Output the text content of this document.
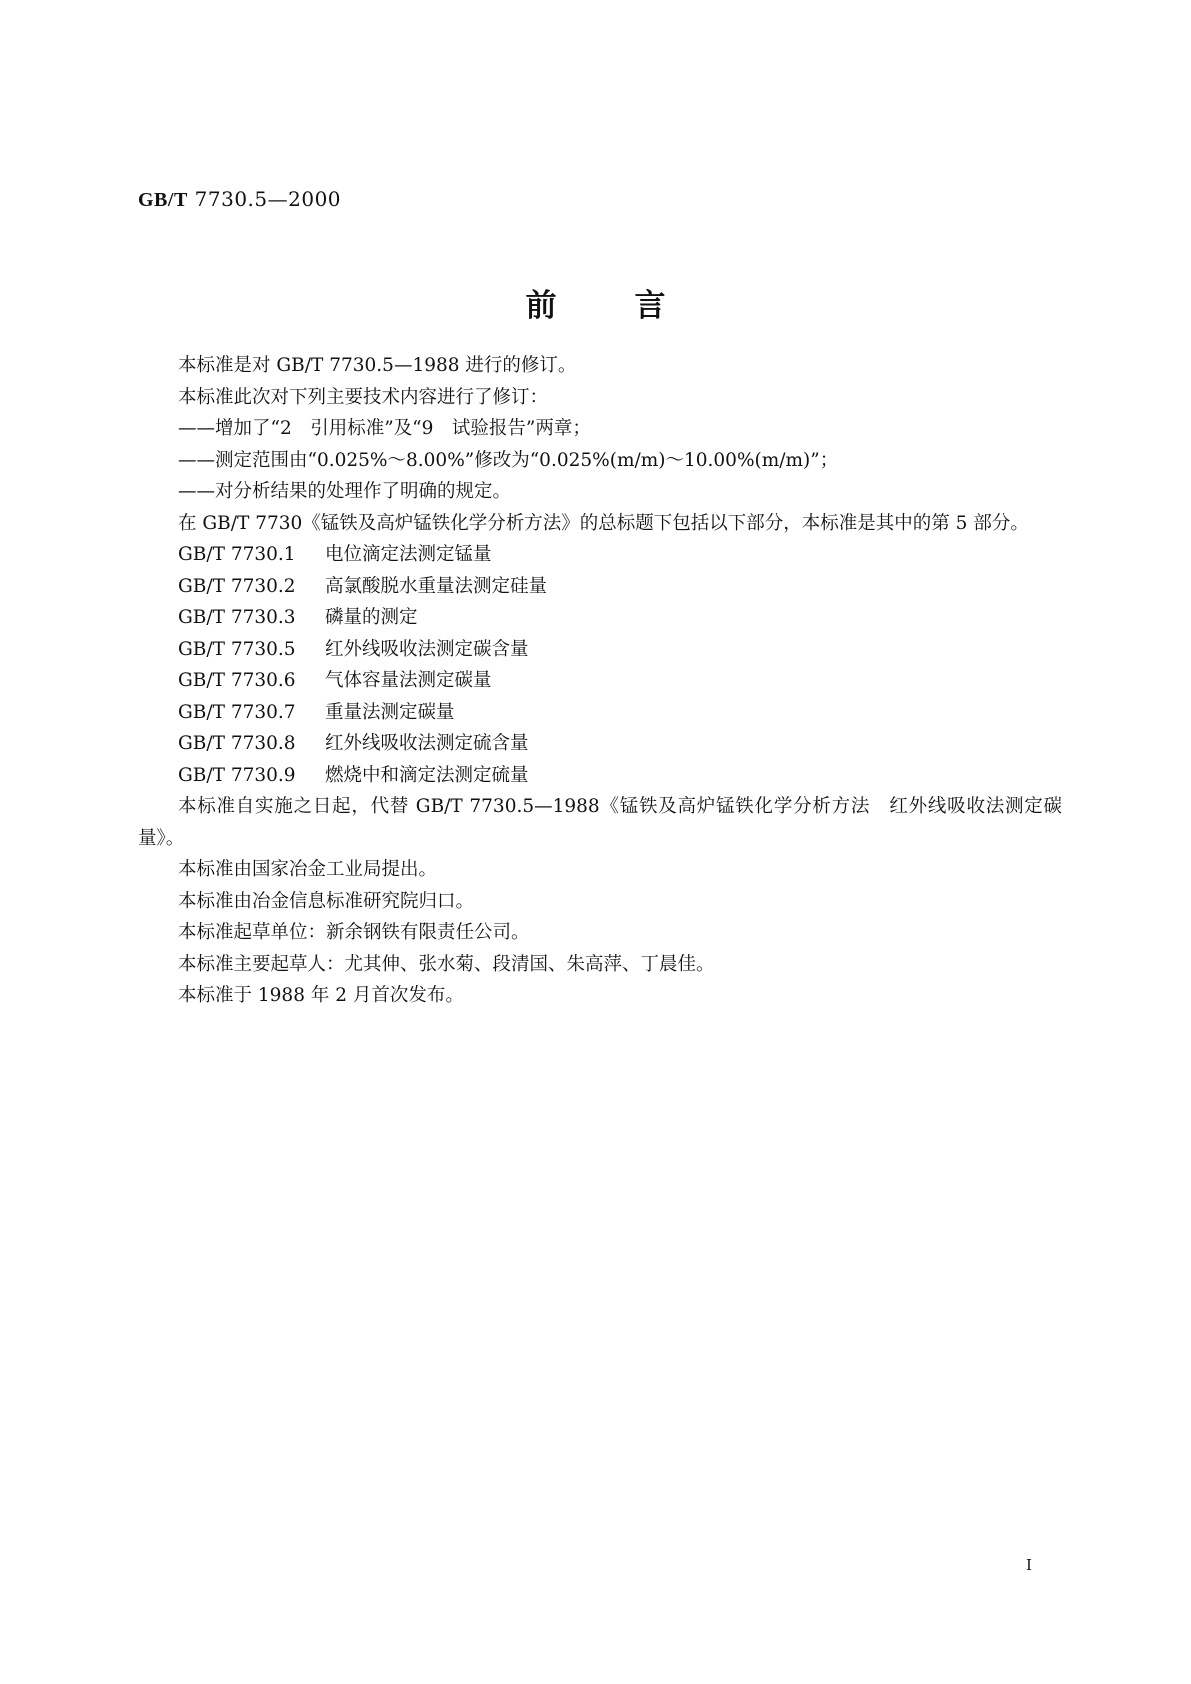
GB/T 7730.5—2000
前言

本标准是对 GB/T 7730.5—1988 进行的修订。

本标准此次对下列主要技术内容进行了修订：

—— 增加了“2　引用标准”及“9　试验报告”两章；

—— 测定范围由“0.025%～8.00%”修改为“0.025%(m/m)～10.00%(m/m)”；

—— 对分析结果的处理作了明确的规定。

在 GB/T 7730《锰铁及高炉锰铁化学分析方法》的总标题下包括以下部分，本标准是其中的第 5 部分。

GB/T 7730.1	电位滴定法测定锰量
GB/T 7730.2	高氯酸脱水重量法测定硅量
GB/T 7730.3	磷量的测定
GB/T 7730.5	红外线吸收法测定碳含量
GB/T 7730.6	气体容量法测定碳量
GB/T 7730.7	重量法测定碳量
GB/T 7730.8	红外线吸收法测定硫含量
GB/T 7730.9	燃烧中和滴定法测定硫量

本标准自实施之日起，代替 GB/T 7730.5—1988《锰铁及高炉锰铁化学分析方法　红外线吸收法测定碳量》。

本标准由国家冶金工业局提出。

本标准由冶金信息标准研究院归口。

本标准起草单位：新余钢铁有限责任公司。

本标准主要起草人：尤其伸、张水菊、段清国、朱高萍、丁晨佳。

本标准于 1988 年 2 月首次发布。

I
